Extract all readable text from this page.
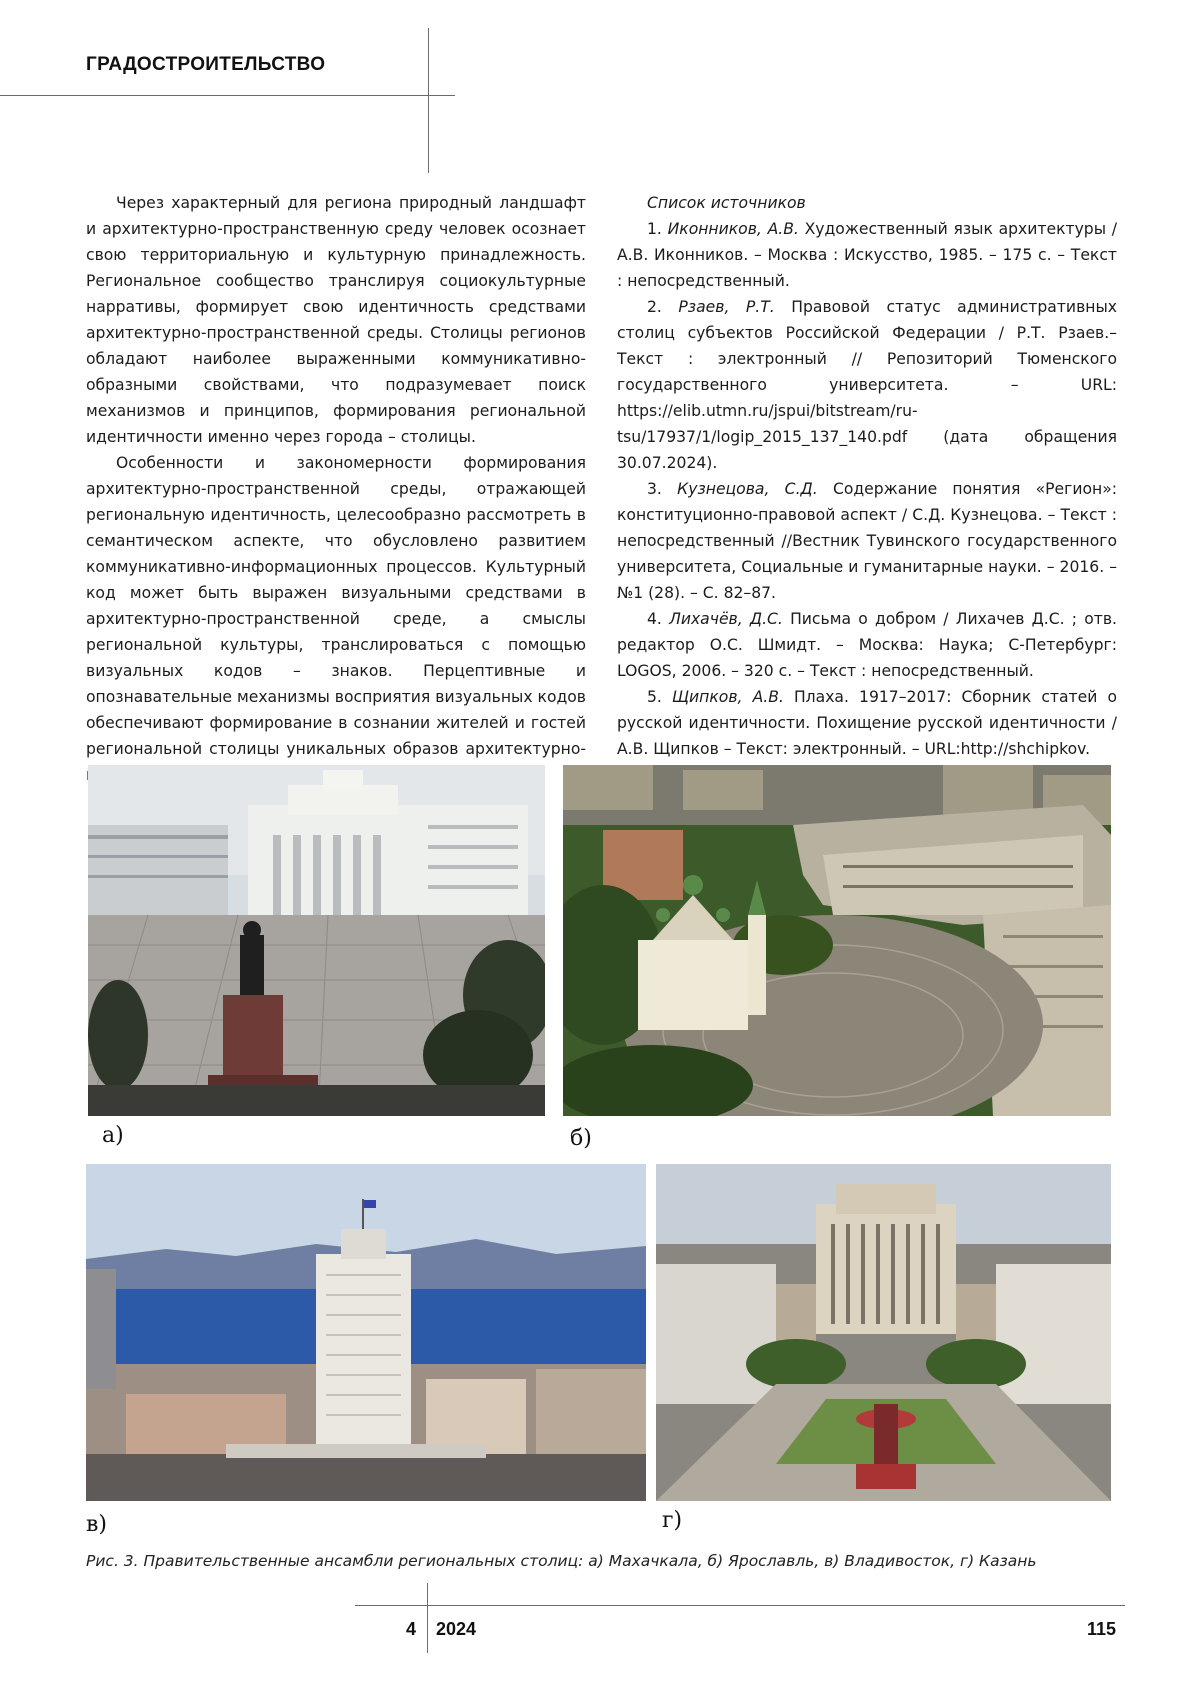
ГРАДОСТРОИТЕЛЬСТВО

Через характерный для региона природный ландшафт и архитектурно-пространственную среду человек осознает свою территориальную и культурную принадлежность. Региональное сообщество транслируя социокультурные нарративы, формирует свою идентичность средствами архитектурно-пространственной среды. Столицы регионов обладают наиболее выраженными коммуникативно-образными свойствами, что подразумевает поиск механизмов и принципов, формирования региональной идентичности именно через города – столицы.

Особенности и закономерности формирования архитектурно-пространственной среды, отражающей региональную идентичность, целесообразно рассмотреть в семантическом аспекте, что обусловлено развитием коммуникативно-информационных процессов. Культурный код может быть выражен визуальными средствами в архитектурно-пространственной среде, а смыслы региональной культуры, транслироваться с помощью визуальных кодов – знаков. Перцептивные и опознавательные механизмы восприятия визуальных кодов обеспечивают формирование в сознании жителей и гостей региональной столицы уникальных образов архитектурно-

Список источников

1. Иконников, А.В. Художественный язык архитектуры / А.В. Иконников. – Москва : Искусство, 1985. – 175 с. – Текст : непосредственный.

2. Рзаев, Р.Т. Правовой статус административных столиц субъектов Российской Федерации / Р.Т. Рзаев.– Текст : электронный // Репозиторий Тюменского государственного университета. – URL: https://elib.utmn.ru/jspui/bitstream/ru-tsu/17937/1/logip_2015_137_140.pdf (дата обращения 30.07.2024).

3. Кузнецова, С.Д. Содержание понятия «Регион»: конституционно-правовой аспект / С.Д. Кузнецова. – Текст : непосредственный //Вестник Тувинского государственного университета, Социальные и гуманитарные науки. – 2016. – №1 (28). – С. 82–87.

4. Лихачёв, Д.С. Письма о добром / Лихачев Д.С. ; отв. редактор О.С. Шмидт. – Москва: Наука; С-Петербург: LOGOS, 2006. – 320 с. – Текст : непосредственный.

5. Щипков, А.В. Плаха. 1917–2017: Сборник статей о русской идентичности. Похищение русской идентичности / А.В. Щипков – Текст: электронный. – URL:http://shchipkov.

а)	б)
в)	г)
Рис. 3. Правительственные ансамбли региональных столиц: а) Махачкала, б) Ярославль, в) Владивосток, г) Казань
4 2024	115
